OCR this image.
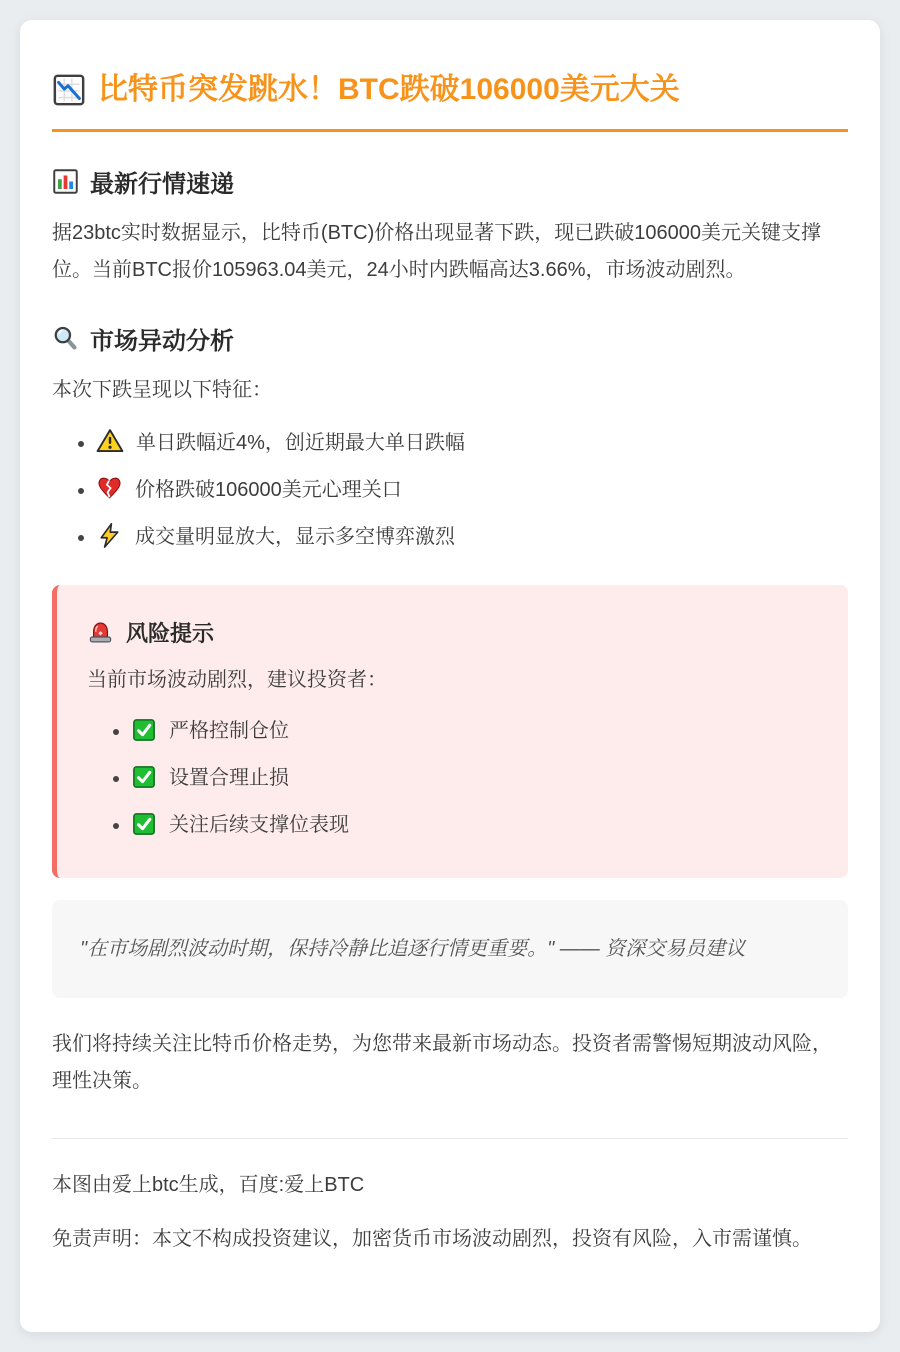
比特币突发跳水！BTC跌破106000美元大关
最新行情速递

据23btc实时数据显示，比特币(BTC)价格出现显著下跌，现已跌破106000美元关键支撑位。当前BTC报价105963.04美元，24小时内跌幅高达3.66%，市场波动剧烈。

市场异动分析

本次下跌呈现以下特征：

• 单日跌幅近4%，创近期最大单日跌幅
• 价格跌破106000美元心理关口
• 成交量明显放大，显示多空博弈激烈
风险提示

当前市场波动剧烈，建议投资者：

• 严格控制仓位
• 设置合理止损
• 关注后续支撑位表现
"在市场剧烈波动时期，保持冷静比追逐行情更重要。" —— 资深交易员建议

我们将持续关注比特币价格走势，为您带来最新市场动态。投资者需警惕短期波动风险，理性决策。

本图由爱上btc生成，百度:爱上BTC

免责声明：本文不构成投资建议，加密货币市场波动剧烈，投资有风险，入市需谨慎。
